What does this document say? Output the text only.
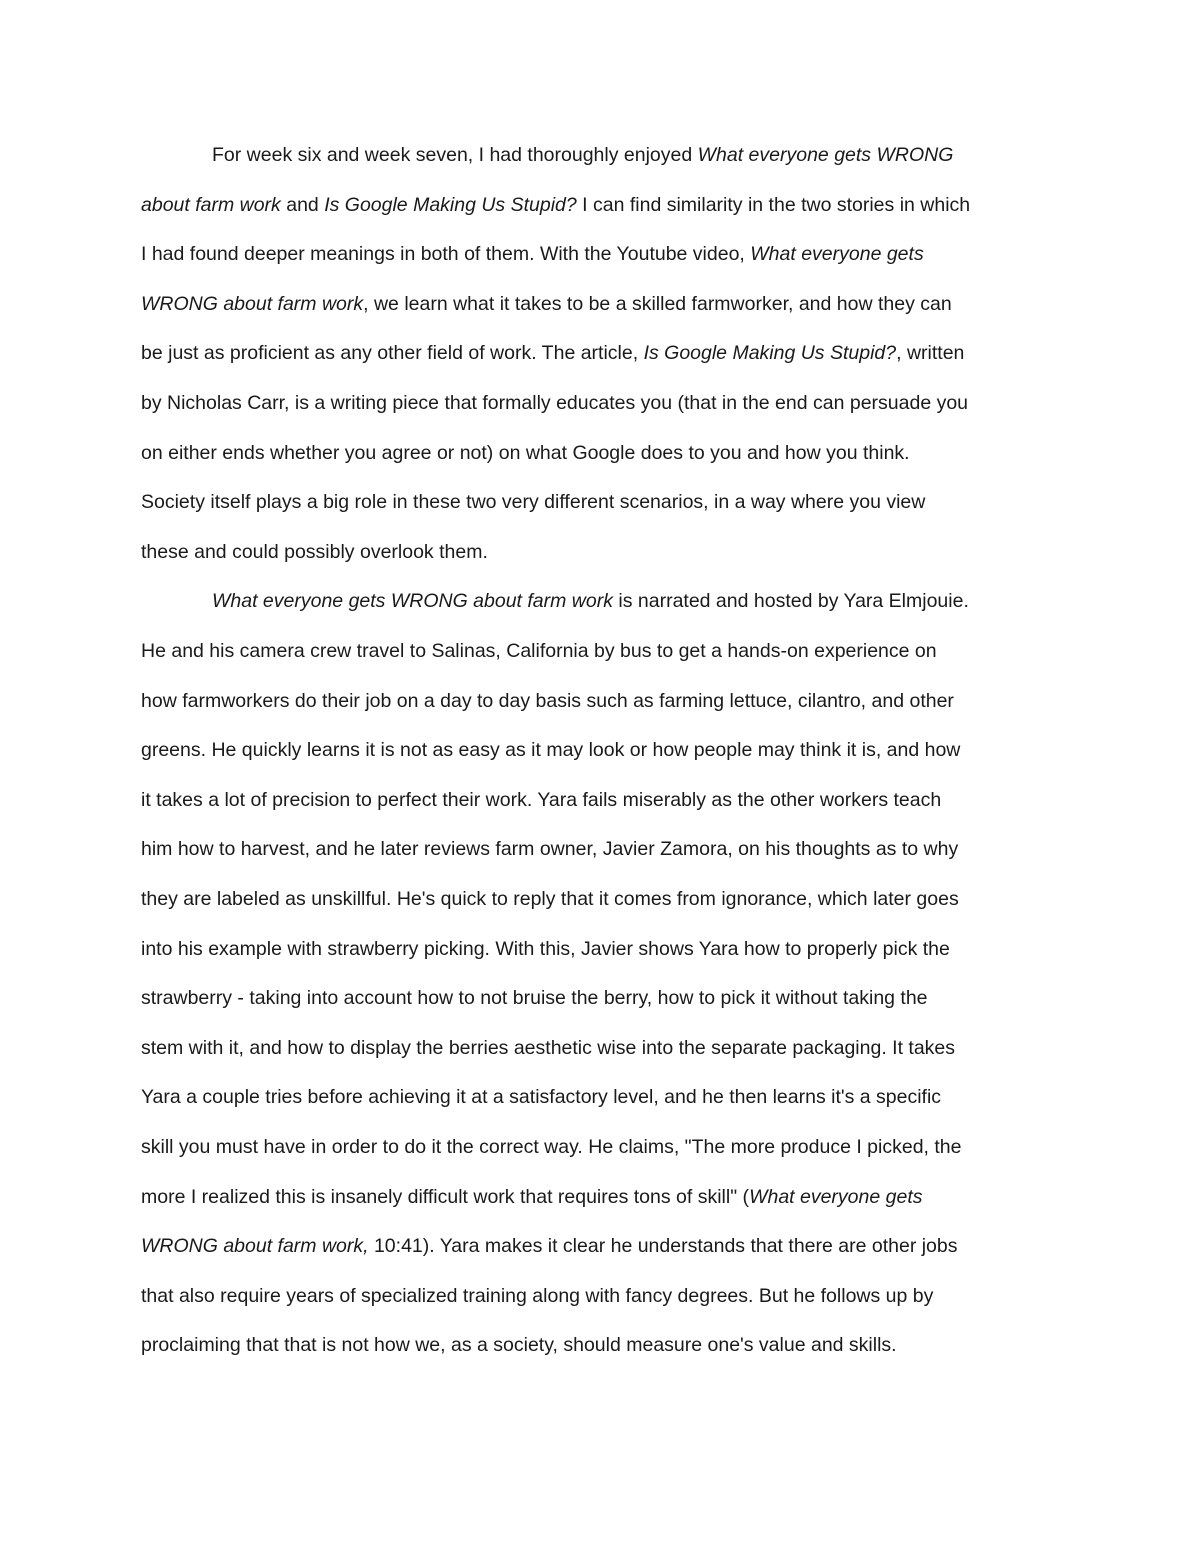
For week six and week seven, I had thoroughly enjoyed What everyone gets WRONG
about farm work and Is Google Making Us Stupid? I can find similarity in the two stories in which
I had found deeper meanings in both of them. With the Youtube video, What everyone gets
WRONG about farm work, we learn what it takes to be a skilled farmworker, and how they can
be just as proficient as any other field of work. The article, Is Google Making Us Stupid?, written
by Nicholas Carr, is a writing piece that formally educates you (that in the end can persuade you
on either ends whether you agree or not) on what Google does to you and how you think.
Society itself plays a big role in these two very different scenarios, in a way where you view
these and could possibly overlook them.
What everyone gets WRONG about farm work is narrated and hosted by Yara Elmjouie.
He and his camera crew travel to Salinas, California by bus to get a hands-on experience on
how farmworkers do their job on a day to day basis such as farming lettuce, cilantro, and other
greens. He quickly learns it is not as easy as it may look or how people may think it is, and how
it takes a lot of precision to perfect their work. Yara fails miserably as the other workers teach
him how to harvest, and he later reviews farm owner, Javier Zamora, on his thoughts as to why
they are labeled as unskillful. He's quick to reply that it comes from ignorance, which later goes
into his example with strawberry picking. With this, Javier shows Yara how to properly pick the
strawberry - taking into account how to not bruise the berry, how to pick it without taking the
stem with it, and how to display the berries aesthetic wise into the separate packaging. It takes
Yara a couple tries before achieving it at a satisfactory level, and he then learns it's a specific
skill you must have in order to do it the correct way. He claims, "The more produce I picked, the
more I realized this is insanely difficult work that requires tons of skill" (What everyone gets
WRONG about farm work, 10:41). Yara makes it clear he understands that there are other jobs
that also require years of specialized training along with fancy degrees. But he follows up by
proclaiming that that is not how we, as a society, should measure one's value and skills.
